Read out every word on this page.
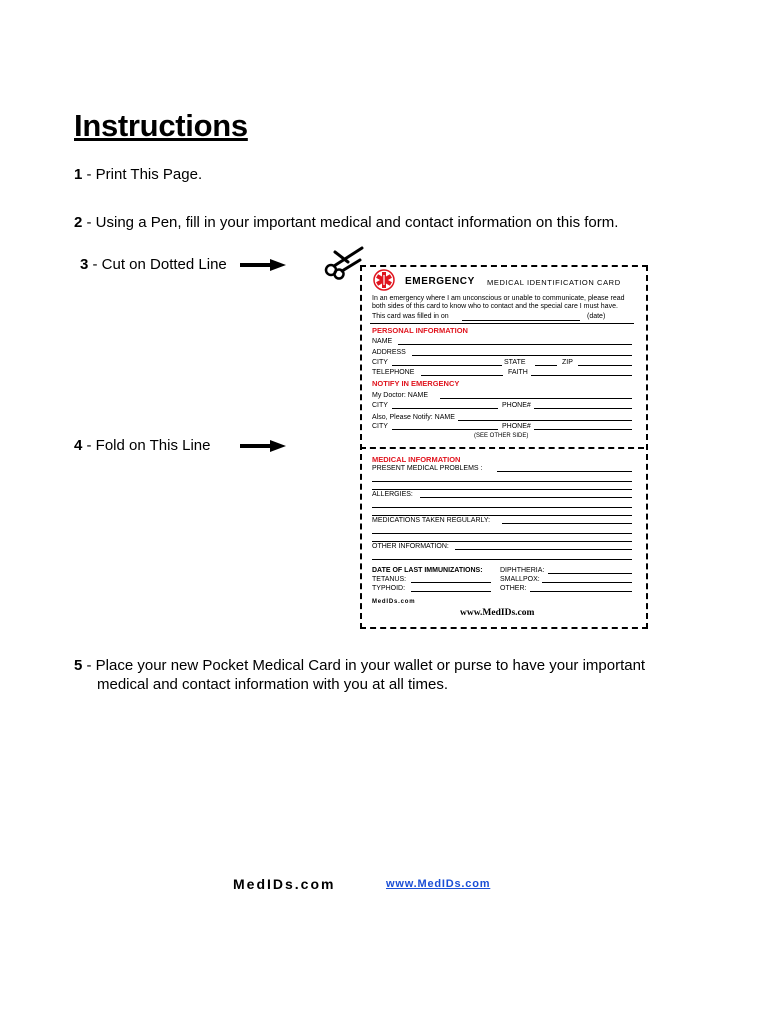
Instructions
1 - Print This Page.
2 - Using a Pen, fill in your important medical and contact information on this form.
3 - Cut on Dotted Line
4 - Fold on This Line
EMERGENCY MEDICAL IDENTIFICATION CARD
In an emergency where I am unconscious or unable to communicate, please read
both sides of this card to know who to contact and the special care I must have.
This card was filled in on	(date)
PERSONAL INFORMATION
NAME
ADDRESS
CITY	STATE	ZIP
TELEPHONE	FAITH
NOTIFY IN EMERGENCY
My Doctor: NAME
CITY	PHONE#
Also, Please Notify: NAME
CITY	PHONE#
(SEE OTHER SIDE)
MEDICAL INFORMATION
PRESENT MEDICAL PROBLEMS :
ALLERGIES:
MEDICATIONS TAKEN REGULARLY:
OTHER INFORMATION:
DATE OF LAST IMMUNIZATIONS: DIPHTHERIA:
TETANUS:	SMALLPOX:
TYPHOID:	OTHER:
MedIDs.com
www.MedIDs.com
5 - Place your new Pocket Medical Card in your wallet or purse to have your important
medical and contact information with you at all times.
MedIDs.com	www.MedIDs.com
